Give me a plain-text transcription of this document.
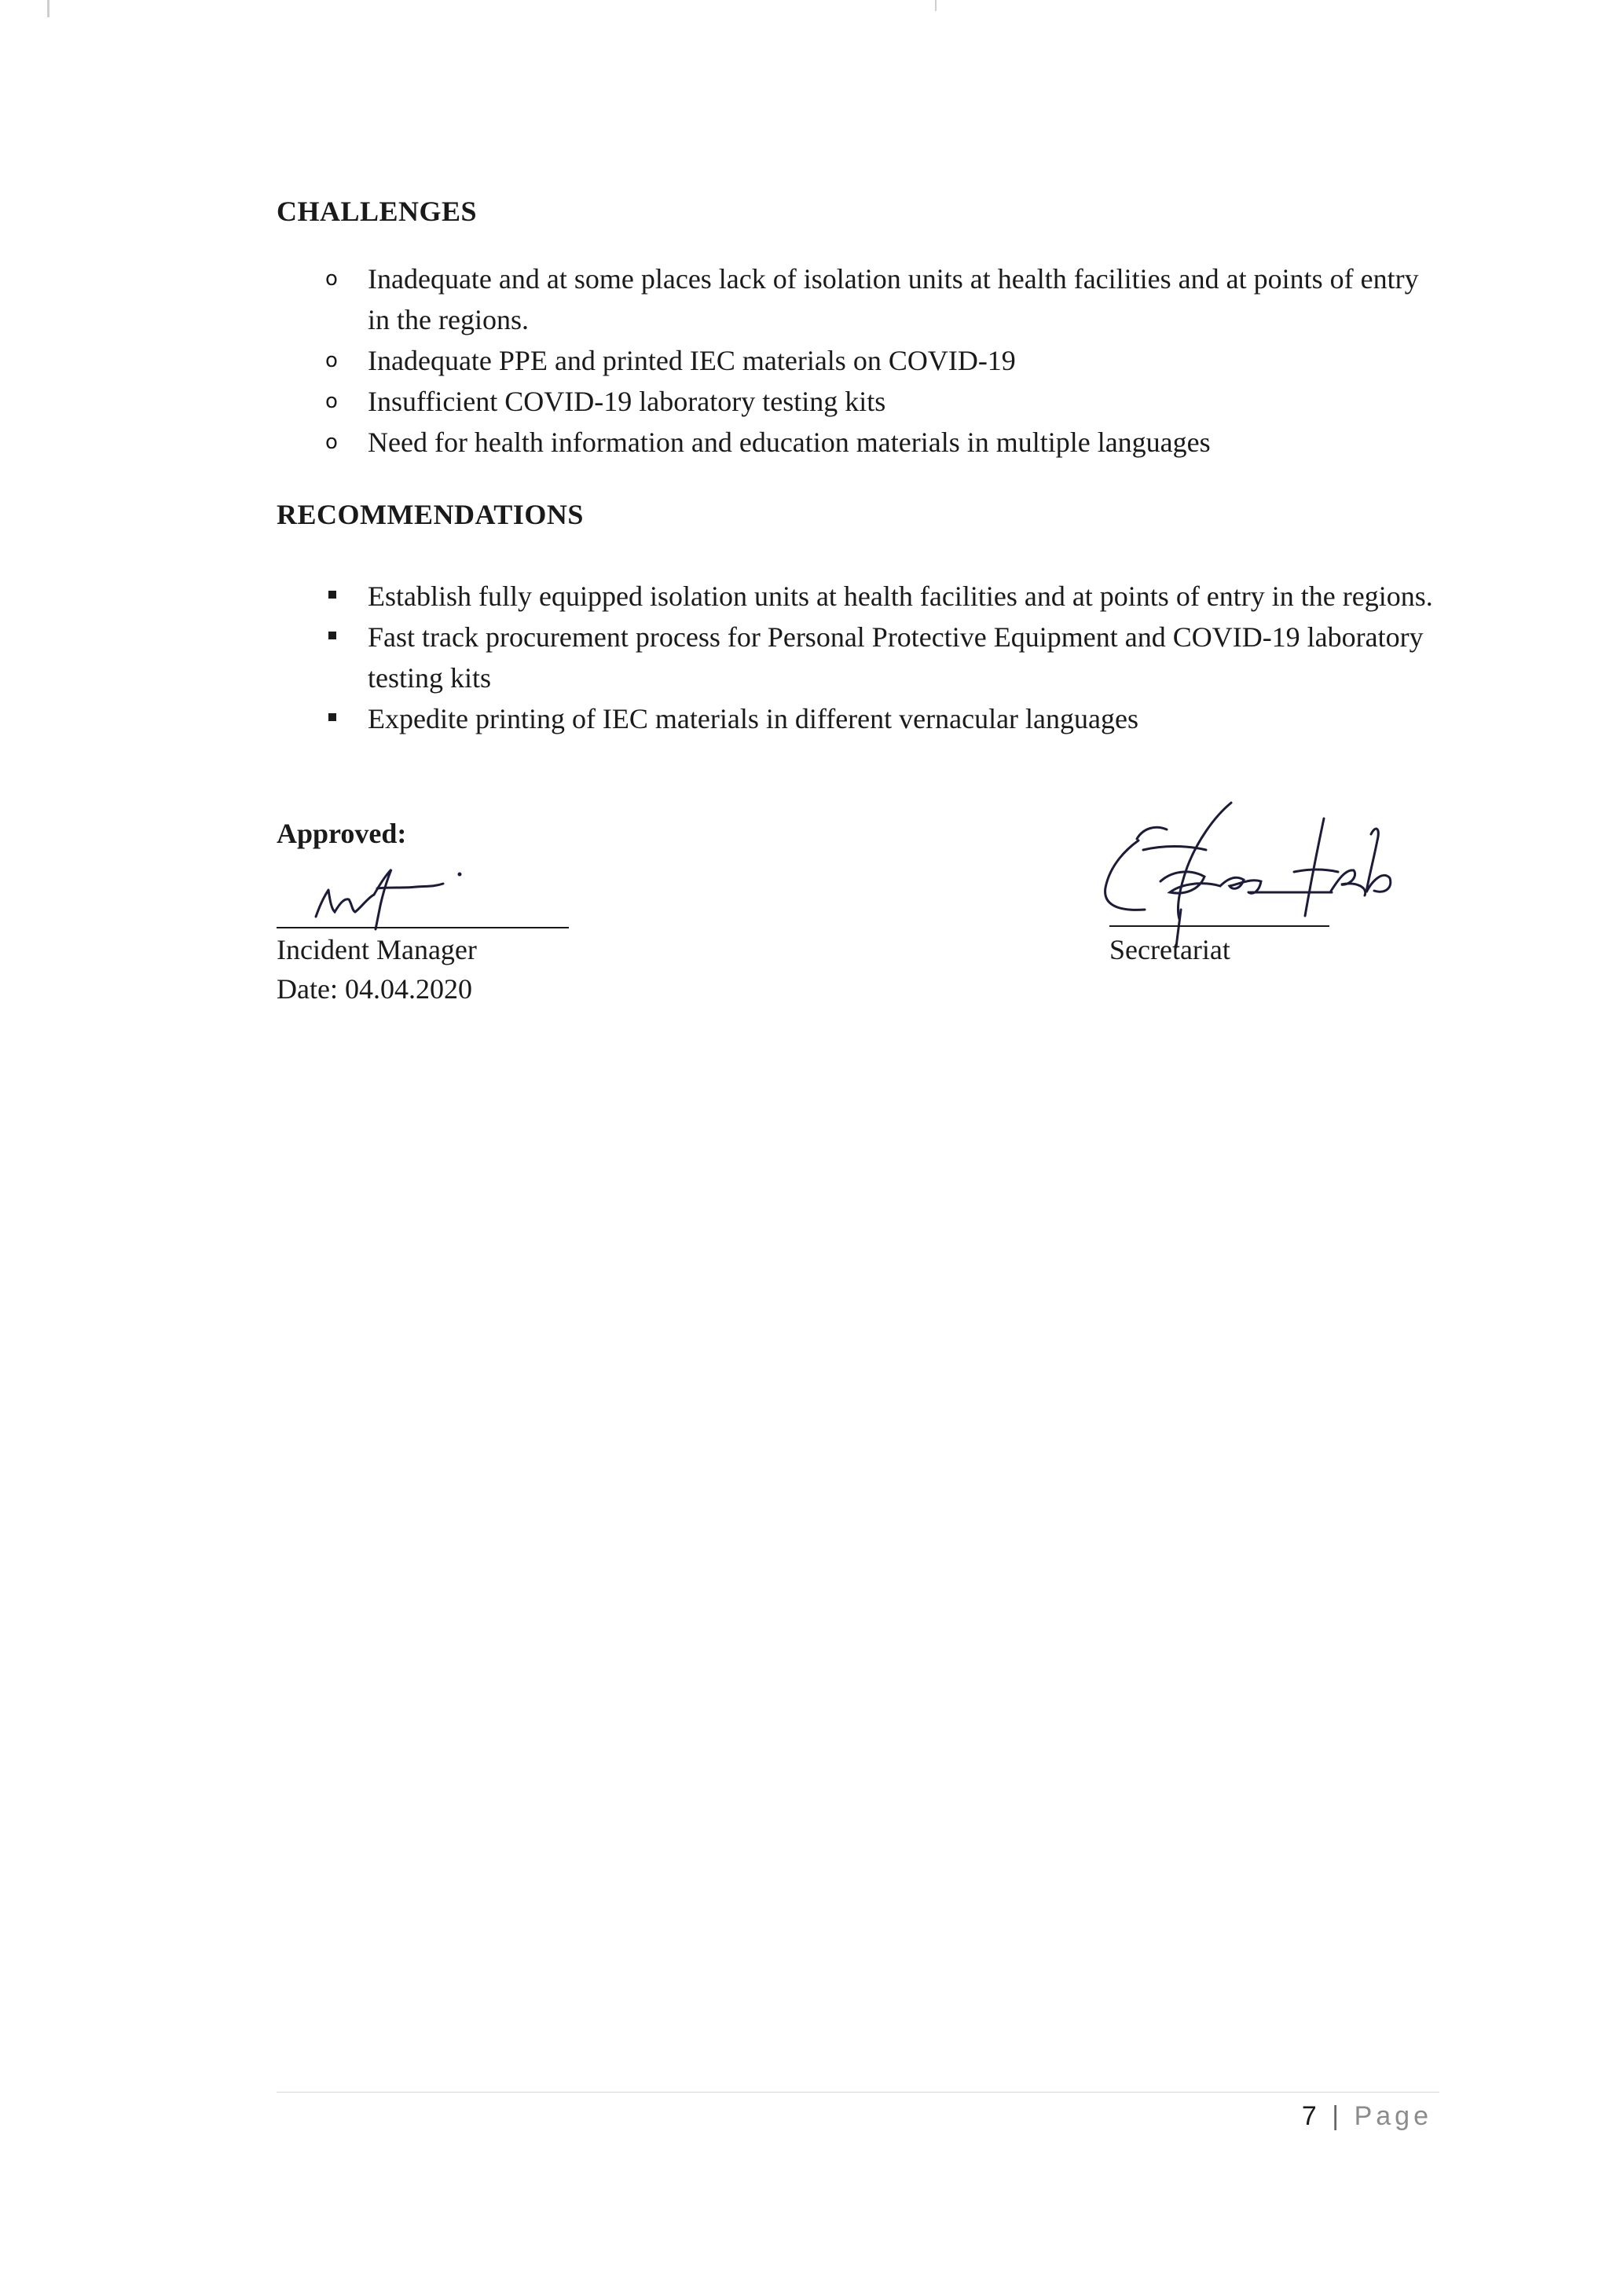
CHALLENGES
o Inadequate and at some places lack of isolation units at health facilities and at points of entry in the regions.
o Inadequate PPE and printed IEC materials on COVID-19
o Insufficient COVID-19 laboratory testing kits
o Need for health information and education materials in multiple languages
RECOMMENDATIONS
Establish fully equipped isolation units at health facilities and at points of entry in the regions.
Fast track procurement process for Personal Protective Equipment and COVID-19 laboratory testing kits
Expedite printing of IEC materials in different vernacular languages
Approved:
Incident Manager
Date: 04.04.2020
Secretariat
7 | Page
